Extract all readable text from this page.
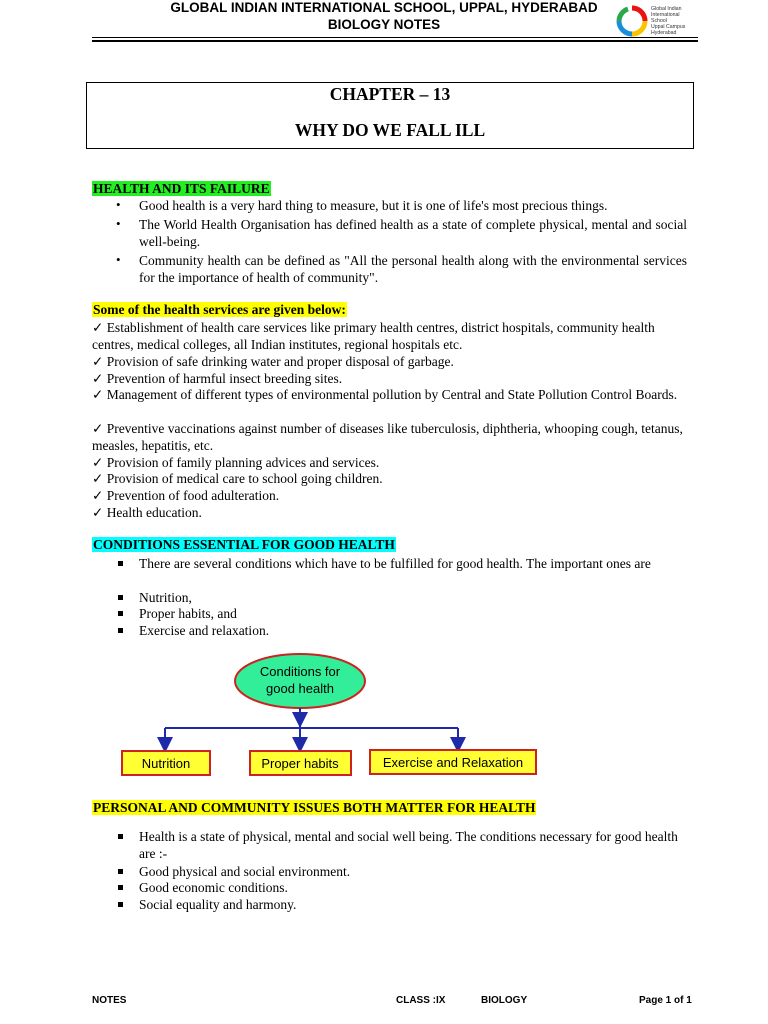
GLOBAL INDIAN INTERNATIONAL SCHOOL, UPPAL, HYDERABAD
BIOLOGY NOTES
Global Indian
International
School
Uppal Campus
Hyderabad
CHAPTER – 13
WHY DO WE FALL ILL
HEALTH AND ITS FAILURE
• Good health is a very hard thing to measure, but it is one of life's most precious things.
• The World Health Organisation has defined health as a state of complete physical, mental and social well-being.
• Community health can be defined as "All the personal health along with the environmental services for the importance of health of community".
Some of the health services are given below:
✓ Establishment of health care services like primary health centres, district hospitals, community health centres, medical colleges, all Indian institutes, regional hospitals etc.
✓ Provision of safe drinking water and proper disposal of garbage.
✓ Prevention of harmful insect breeding sites.
✓ Management of different types of environmental pollution by Central and State Pollution Control Boards.
✓ Preventive vaccinations against number of diseases like tuberculosis, diphtheria, whooping cough, tetanus, measles, hepatitis, etc.
✓ Provision of family planning advices and services.
✓ Provision of medical care to school going children.
✓ Prevention of food adulteration.
✓ Health education.
CONDITIONS ESSENTIAL FOR GOOD HEALTH
There are several conditions which have to be fulfilled for good health. The important ones are
Nutrition,
Proper habits, and
Exercise and relaxation.
Conditions for
good health
Nutrition	Proper habits	Exercise and Relaxation
PERSONAL AND COMMUNITY ISSUES BOTH MATTER FOR HEALTH
Health is a state of physical, mental and social well being. The conditions necessary for good health are :-
Good physical and social environment.
Good economic conditions.
Social equality and harmony.
NOTES	CLASS :IX	BIOLOGY	Page 1 of 1
